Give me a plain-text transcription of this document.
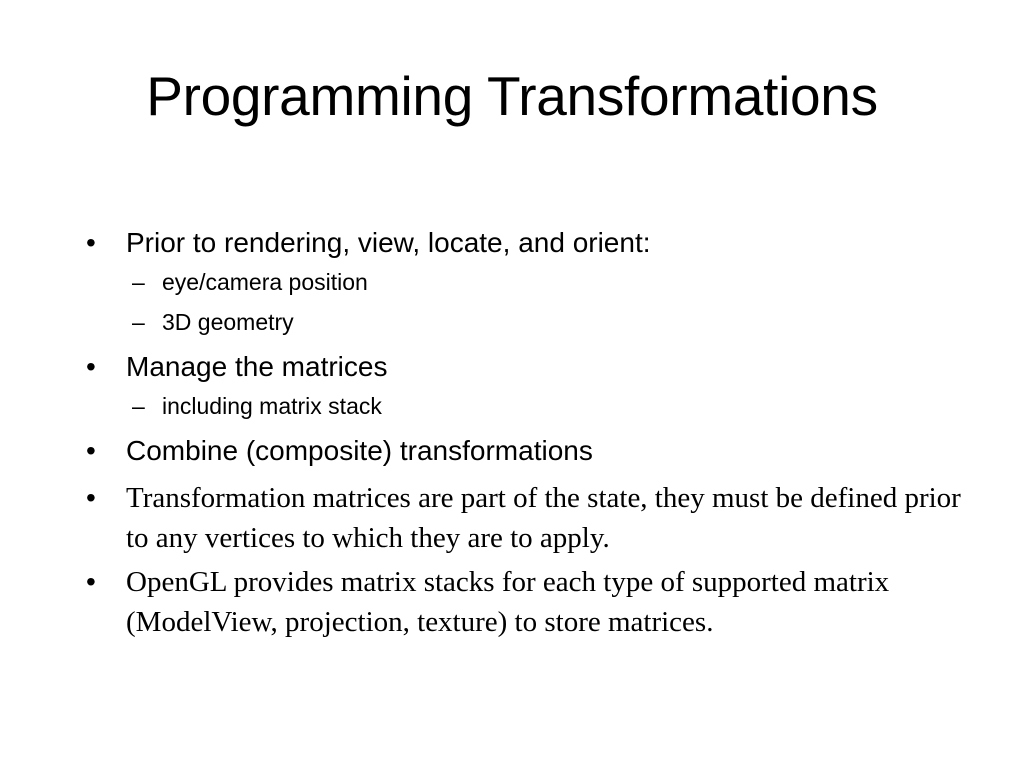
Programming Transformations
• Prior to rendering, view, locate, and orient:
– eye/camera position
– 3D geometry
• Manage the matrices
– including matrix stack
• Combine (composite) transformations
• Transformation matrices are part of the state, they must be defined prior to any vertices to which they are to apply.
• OpenGL provides matrix stacks for each type of supported matrix (ModelView, projection, texture) to store matrices.
